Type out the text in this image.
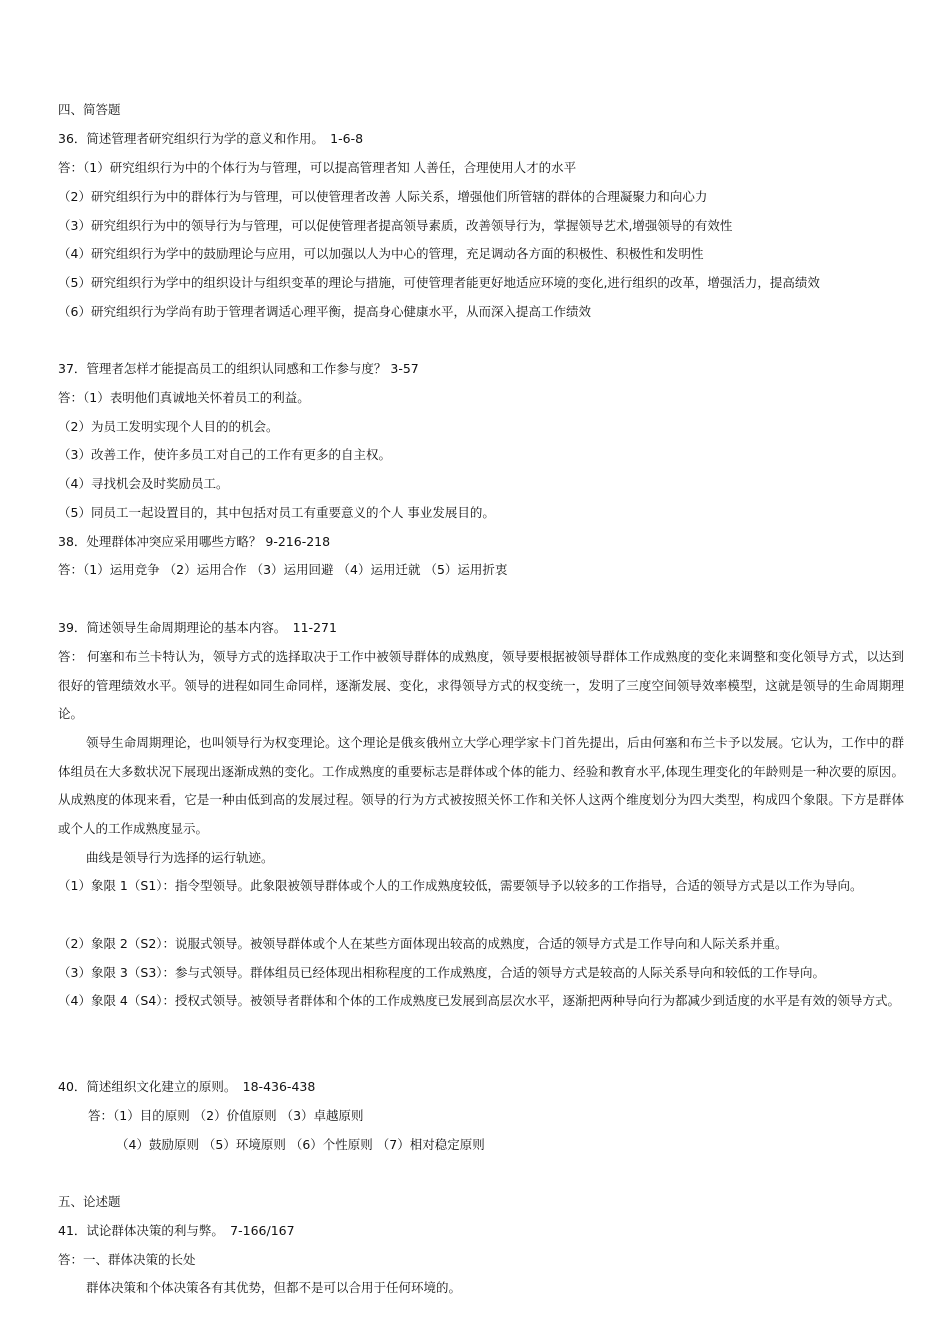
四、简答题
36．简述管理者研究组织行为学的意义和作用。　1-6-8
答：（1）研究组织行为中的个体行为与管理，可以提高管理者知 人善任，合理使用人才的水平
（2）研究组织行为中的群体行为与管理，可以使管理者改善 人际关系，增强他们所管辖的群体的合理凝聚力和向心力
（3）研究组织行为中的领导行为与管理，可以促使管理者提高领导素质，改善领导行为，掌握领导艺术,增强领导的有效性
（4）研究组织行为学中的鼓励理论与应用，可以加强以人为中心的管理，充足调动各方面的积极性、积极性和发明性
（5）研究组织行为学中的组织设计与组织变革的理论与措施，可使管理者能更好地适应环境的变化,进行组织的改革，增强活力，提高绩效
（6）研究组织行为学尚有助于管理者调适心理平衡，提高身心健康水平，从而深入提高工作绩效
37．管理者怎样才能提高员工的组织认同感和工作参与度？ 3-57
答：（1）表明他们真诚地关怀着员工的利益。
（2）为员工发明实现个人目的的机会。
（3）改善工作，使许多员工对自己的工作有更多的自主权。
（4）寻找机会及时奖励员工。
（5）同员工一起设置目的，其中包括对员工有重要意义的个人 事业发展目的。
38．处理群体冲突应采用哪些方略？ 9-216-218
答：（1）运用竞争 （2）运用合作 （3）运用回避 （4）运用迁就 （5）运用折衷
39．简述领导生命周期理论的基本内容。　11-271
答： 何塞和布兰卡特认为，领导方式的选择取决于工作中被领导群体的成熟度，领导要根据被领导群体工作成熟度的变化来调整和变化领导方式，以达到很好的管理绩效水平。领导的进程如同生命同样，逐渐发展、变化，求得领导方式的权变统一，发明了三度空间领导效率模型，这就是领导的生命周期理论。
领导生命周期理论，也叫领导行为权变理论。这个理论是俄亥俄州立大学心理学家卡门首先提出，后由何塞和布兰卡予以发展。它认为，工作中的群体组员在大多数状况下展现出逐渐成熟的变化。工作成熟度的重要标志是群体或个体的能力、经验和教育水平,体现生理变化的年龄则是一种次要的原因。从成熟度的体现来看，它是一种由低到高的发展过程。领导的行为方式被按照关怀工作和关怀人这两个维度划分为四大类型，构成四个象限。下方是群体或个人的工作成熟度显示。
曲线是领导行为选择的运行轨迹。
（1）象限 1（S1）：指令型领导。此象限被领导群体或个人的工作成熟度较低，需要领导予以较多的工作指导，合适的领导方式是以工作为导向。
（2）象限 2（S2）：说服式领导。被领导群体或个人在某些方面体现出较高的成熟度，合适的领导方式是工作导向和人际关系并重。
（3）象限 3（S3）：参与式领导。群体组员已经体现出相称程度的工作成熟度，合适的领导方式是较高的人际关系导向和较低的工作导向。
（4）象限 4（S4）：授权式领导。被领导者群体和个体的工作成熟度已发展到高层次水平，逐渐把两种导向行为都减少到适度的水平是有效的领导方式。
40．简述组织文化建立的原则。　18-436-438
答：（1）目的原则 （2）价值原则 （3）卓越原则
（4）鼓励原则 （5）环境原则 （6）个性原则 （7）相对稳定原则
五、论述题
41．试论群体决策的利与弊。　7-166/167
答：一、群体决策的长处
群体决策和个体决策各有其优势，但都不是可以合用于任何环境的。
